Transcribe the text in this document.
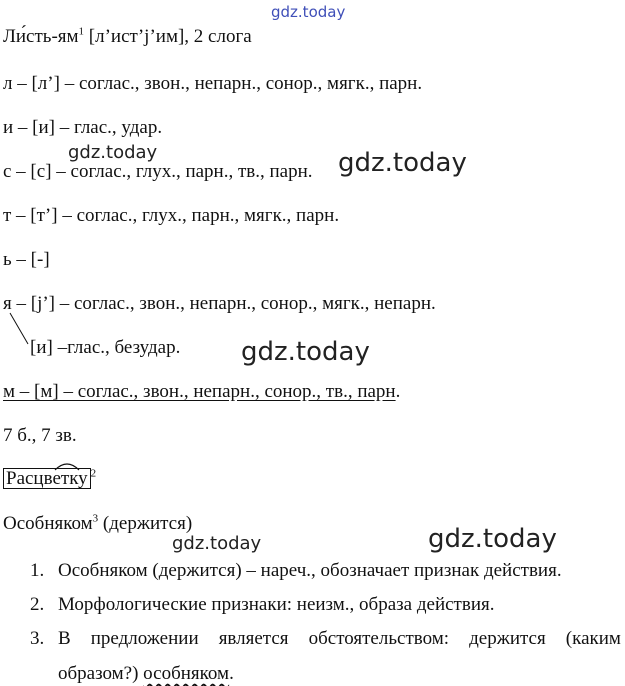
gdz.today
gdz.today	gdz.today
gdz.today
gdz.today	gdz.today
$Ли́сть-ям^1$ [л’ист’j’им], 2 слога
л – [л’] – соглас., звон., непарн., сонор., мягк., парн.
и – [и] – глас., удар.
с – [с] – соглас., глух., парн., тв., парн.
т – [т’] – соглас., глух., парн., мягк., парн.
ь – [-]
я – [j’] – соглас., звон., непарн., сонор., мягк., непарн.
[и] –глас., безудар.
м – [м] – соглас., звон., непарн., сонор., тв., парн.
7 б., 7 зв.
Расцветку $^2$
Особняком$^3$ (держится)
1. Особняком (держится) – нареч., обозначает признак действия.
2. Морфологические признаки: неизм., образа действия.
3. В предложении является обстоятельством: держится (каким
образом?) особняком.
